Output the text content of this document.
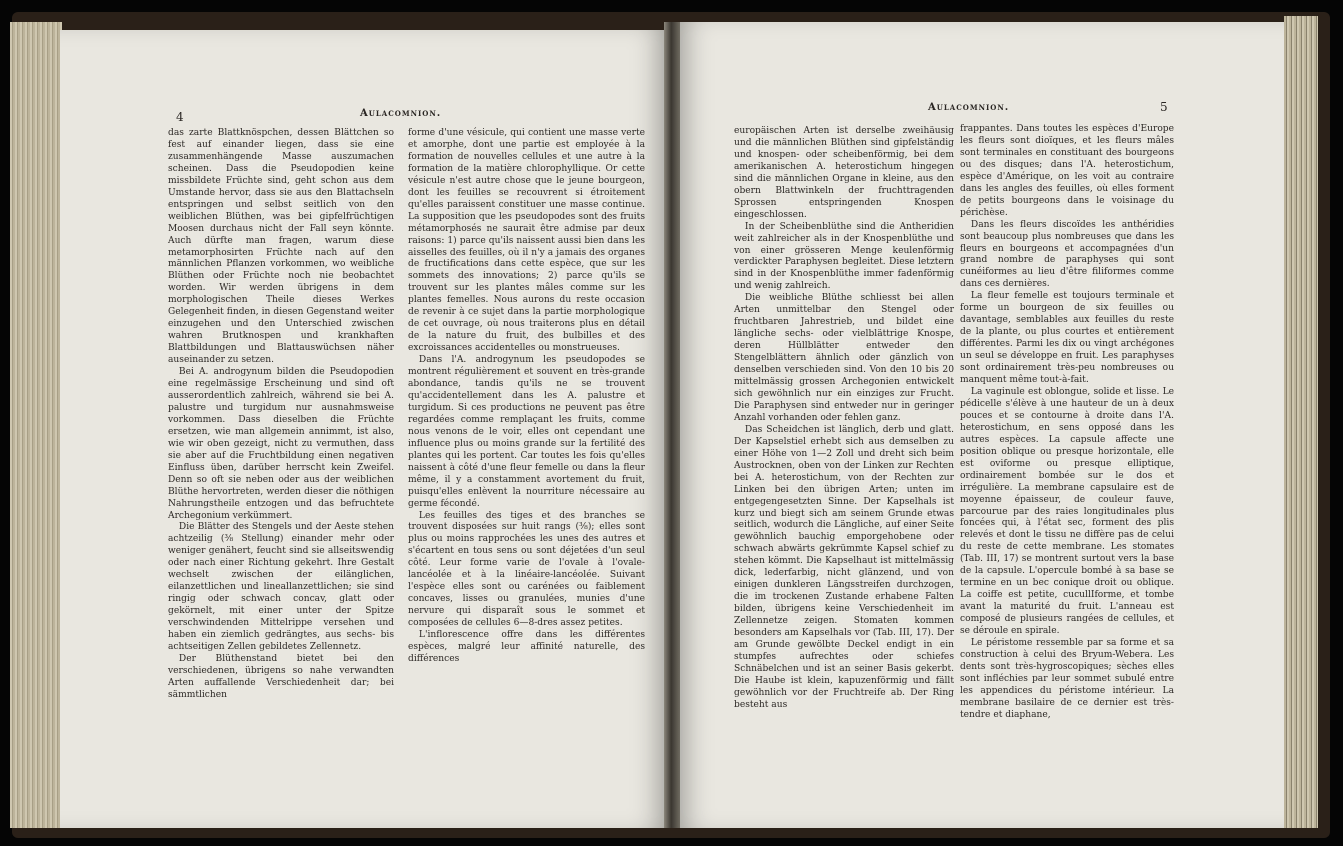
4	Aulacomnion.

das zarte Blattknöspchen, dessen Blättchen so fest auf einander liegen, dass sie eine zusammenhängende Masse auszumachen scheinen. Dass die Pseudopodien keine missbildete Früchte sind, geht schon aus dem Umstande hervor, dass sie aus den Blattachseln entspringen und selbst seitlich von den weiblichen Blüthen, was bei gipfelfrüchtigen Moosen durchaus nicht der Fall seyn könnte. Auch dürfte man fragen, warum diese metamorphosirten Früchte nach auf den männlichen Pflanzen vorkommen, wo weibliche Blüthen oder Früchte noch nie beobachtet worden. Wir werden übrigens in dem morphologischen Theile dieses Werkes Gelegenheit finden, in diesen Gegenstand weiter einzugehen und den Unterschied zwischen wahren Brutknospen und krankhaften Blattbildungen und Blattauswüchsen näher auseinander zu setzen.

Bei A. androgynum bilden die Pseudopodien eine regelmässige Erscheinung und sind oft ausserordentlich zahlreich, während sie bei A. palustre und turgidum nur ausnahmsweise vorkommen. Dass dieselben die Früchte ersetzen, wie man allgemein annimmt, ist also, wie wir oben gezeigt, nicht zu vermuthen, dass sie aber auf die Fruchtbildung einen negativen Einfluss üben, darüber herrscht kein Zweifel. Denn so oft sie neben oder aus der weiblichen Blüthe hervortreten, werden dieser die nöthigen Nahrungstheile entzogen und das befruchtete Archegonium verkümmert.

Die Blätter des Stengels und der Aeste stehen achtzeilig (⅜ Stellung) einander mehr oder weniger genähert, feucht sind sie allseitswendig oder nach einer Richtung gekehrt. Ihre Gestalt wechselt zwischen der eilänglichen, eilanzettlichen und lineallanzettlichen; sie sind ringig oder schwach concav, glatt oder gekörnelt, mit einer unter der Spitze verschwindenden Mittelrippe versehen und haben ein ziemlich gedrängtes, aus sechs- bis achtseitigen Zellen gebildetes Zellennetz.

Der Blüthenstand bietet bei den verschiedenen, übrigens so nahe verwandten Arten auffallende Verschiedenheit dar; bei sämmtlichen

forme d'une vésicule, qui contient une masse verte et amorphe, dont une partie est employée à la formation de nouvelles cellules et une autre à la formation de la matière chlorophyllique. Or cette vésicule n'est autre chose que le jeune bourgeon, dont les feuilles se recouvrent si étroitement qu'elles paraissent constituer une masse continue. La supposition que les pseudopodes sont des fruits métamorphosés ne saurait être admise par deux raisons: 1) parce qu'ils naissent aussi bien dans les aisselles des feuilles, où il n'y a jamais des organes de fructifications dans cette espèce, que sur les sommets des innovations; 2) parce qu'ils se trouvent sur les plantes mâles comme sur les plantes femelles. Nous aurons du reste occasion de revenir à ce sujet dans la partie morphologique de cet ouvrage, où nous traiterons plus en détail de la nature du fruit, des bulbilles et des excroissances accidentelles ou monstrueuses.

Dans l'A. androgynum les pseudopodes se montrent régulièrement et souvent en très-grande abondance, tandis qu'ils ne se trouvent qu'accidentellement dans les A. palustre et turgidum. Si ces productions ne peuvent pas être regardées comme remplaçant les fruits, comme nous venons de le voir, elles ont cependant une influence plus ou moins grande sur la fertilité des plantes qui les portent. Car toutes les fois qu'elles naissent à côté d'une fleur femelle ou dans la fleur même, il y a constamment avortement du fruit, puisqu'elles enlèvent la nourriture nécessaire au germe fécondé.

Les feuilles des tiges et des branches se trouvent disposées sur huit rangs (⅜); elles sont plus ou moins rapprochées les unes des autres et s'écartent en tous sens ou sont déjetées d'un seul côté. Leur forme varie de l'ovale à l'ovale-lancéolée et à la linéaire-lancéolée. Suivant l'espèce elles sont ou carénées ou faiblement concaves, lisses ou granulées, munies d'une nervure qui disparaît sous le sommet et composées de cellules 6—8-dres assez petites.

L'inflorescence offre dans les différentes espèces, malgré leur affinité naturelle, des différences

Aulacomnion.	5

europäischen Arten ist derselbe zweihäusig und die männlichen Blüthen sind gipfelständig und knospen- oder scheibenförmig, bei dem amerikanischen A. heterostichum hingegen sind die männlichen Organe in kleine, aus den obern Blattwinkeln der fruchttragenden Sprossen entspringenden Knospen eingeschlossen.

In der Scheibenblüthe sind die Antheridien weit zahlreicher als in der Knospenblüthe und von einer grösseren Menge keulenförmig verdickter Paraphysen begleitet. Diese letztern sind in der Knospenblüthe immer fadenförmig und wenig zahlreich.

Die weibliche Blüthe schliesst bei allen Arten unmittelbar den Stengel oder fruchtbaren Jahrestrieb, und bildet eine längliche sechs- oder vielblättrige Knospe, deren Hüllblätter entweder den Stengelblättern ähnlich oder gänzlich von denselben verschieden sind. Von den 10 bis 20 mittelmässig grossen Archegonien entwickelt sich gewöhnlich nur ein einziges zur Frucht. Die Paraphysen sind entweder nur in geringer Anzahl vorhanden oder fehlen ganz.

Das Scheidchen ist länglich, derb und glatt. Der Kapselstiel erhebt sich aus demselben zu einer Höhe von 1—2 Zoll und dreht sich beim Austrocknen, oben von der Linken zur Rechten bei A. heterostichum, von der Rechten zur Linken bei den übrigen Arten; unten im entgegengesetzten Sinne. Der Kapselhals ist kurz und biegt sich am seinem Grunde etwas seitlich, wodurch die Längliche, auf einer Seite gewöhnlich bauchig emporgehobene oder schwach abwärts gekrümmte Kapsel schief zu stehen kömmt. Die Kapselhaut ist mittelmässig dick, lederfarbig, nicht glänzend, und von einigen dunkleren Längsstreifen durchzogen, die im trockenen Zustande erhabene Falten bilden, übrigens keine Verschiedenheit im Zellennetze zeigen. Stomaten kommen besonders am Kapselhals vor (Tab. III, 17). Der am Grunde gewölbte Deckel endigt in ein stumpfes aufrechtes oder schiefes Schnäbelchen und ist an seiner Basis gekerbt. Die Haube ist klein, kapuzenförmig und fällt gewöhnlich vor der Fruchtreife ab. Der Ring besteht aus

frappantes. Dans toutes les espèces d'Europe les fleurs sont dioïques, et les fleurs mâles sont terminales en constituant des bourgeons ou des disques; dans l'A. heterostichum, espèce d'Amérique, on les voit au contraire dans les angles des feuilles, où elles forment de petits bourgeons dans le voisinage du périchèse.

Dans les fleurs discoïdes les anthéridies sont beaucoup plus nombreuses que dans les fleurs en bourgeons et accompagnées d'un grand nombre de paraphyses qui sont cunéiformes au lieu d'être filiformes comme dans ces dernières.

La fleur femelle est toujours terminale et forme un bourgeon de six feuilles ou davantage, semblables aux feuilles du reste de la plante, ou plus courtes et entièrement différentes. Parmi les dix ou vingt archégones un seul se développe en fruit. Les paraphyses sont ordinairement très-peu nombreuses ou manquent même tout-à-fait.

La vaginule est oblongue, solide et lisse. Le pédicelle s'élève à une hauteur de un à deux pouces et se contourne à droite dans l'A. heterostichum, en sens opposé dans les autres espèces. La capsule affecte une position oblique ou presque horizontale, elle est oviforme ou presque elliptique, ordinairement bombée sur le dos et irrégulière. La membrane capsulaire est de moyenne épaisseur, de couleur fauve, parcourue par des raies longitudinales plus foncées qui, à l'état sec, forment des plis relevés et dont le tissu ne diffère pas de celui du reste de cette membrane. Les stomates (Tab. III, 17) se montrent surtout vers la base de la capsule. L'opercule bombé à sa base se termine en un bec conique droit ou oblique. La coiffe est petite, cucullIforme, et tombe avant la maturité du fruit. L'anneau est composé de plusieurs rangées de cellules, et se déroule en spirale.

Le péristome ressemble par sa forme et sa construction à celui des Bryum-Webera. Les dents sont très-hygroscopiques; sèches elles sont infléchies par leur sommet subulé entre les appendices du péristome intérieur. La membrane basilaire de ce dernier est très-tendre et diaphane,
